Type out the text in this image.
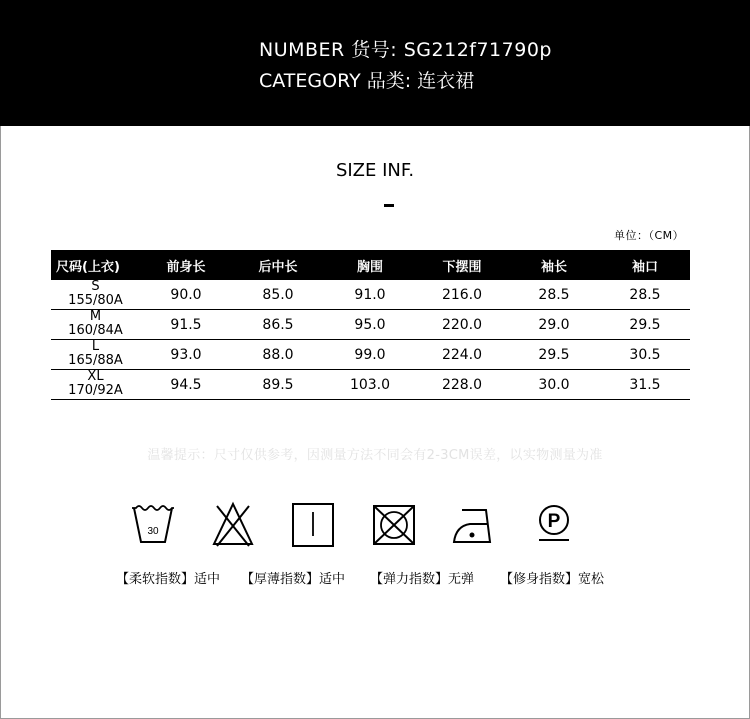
NUMBER 货号: SG212f71790p
CATEGORY 品类: 连衣裙
SIZE INF.
单位：（CM）
尺码(上衣)	前身长	后中长	胸围	下摆围	袖长	袖口

S
155/80A	90.0	85.0	91.0	216.0	28.5	28.5

M
160/84A	91.5	86.5	95.0	220.0	29.0	29.5

L
165/88A	93.0	88.0	99.0	224.0	29.5	30.5

XL
170/92A	94.5	89.5	103.0	228.0	30.0	31.5
温馨提示：尺寸仅供参考，因测量方法不同会有2-3CM误差，以实物测量为准
30	P
【柔软指数】适中 【厚薄指数】适中 【弹力指数】无弹 【修身指数】宽松
